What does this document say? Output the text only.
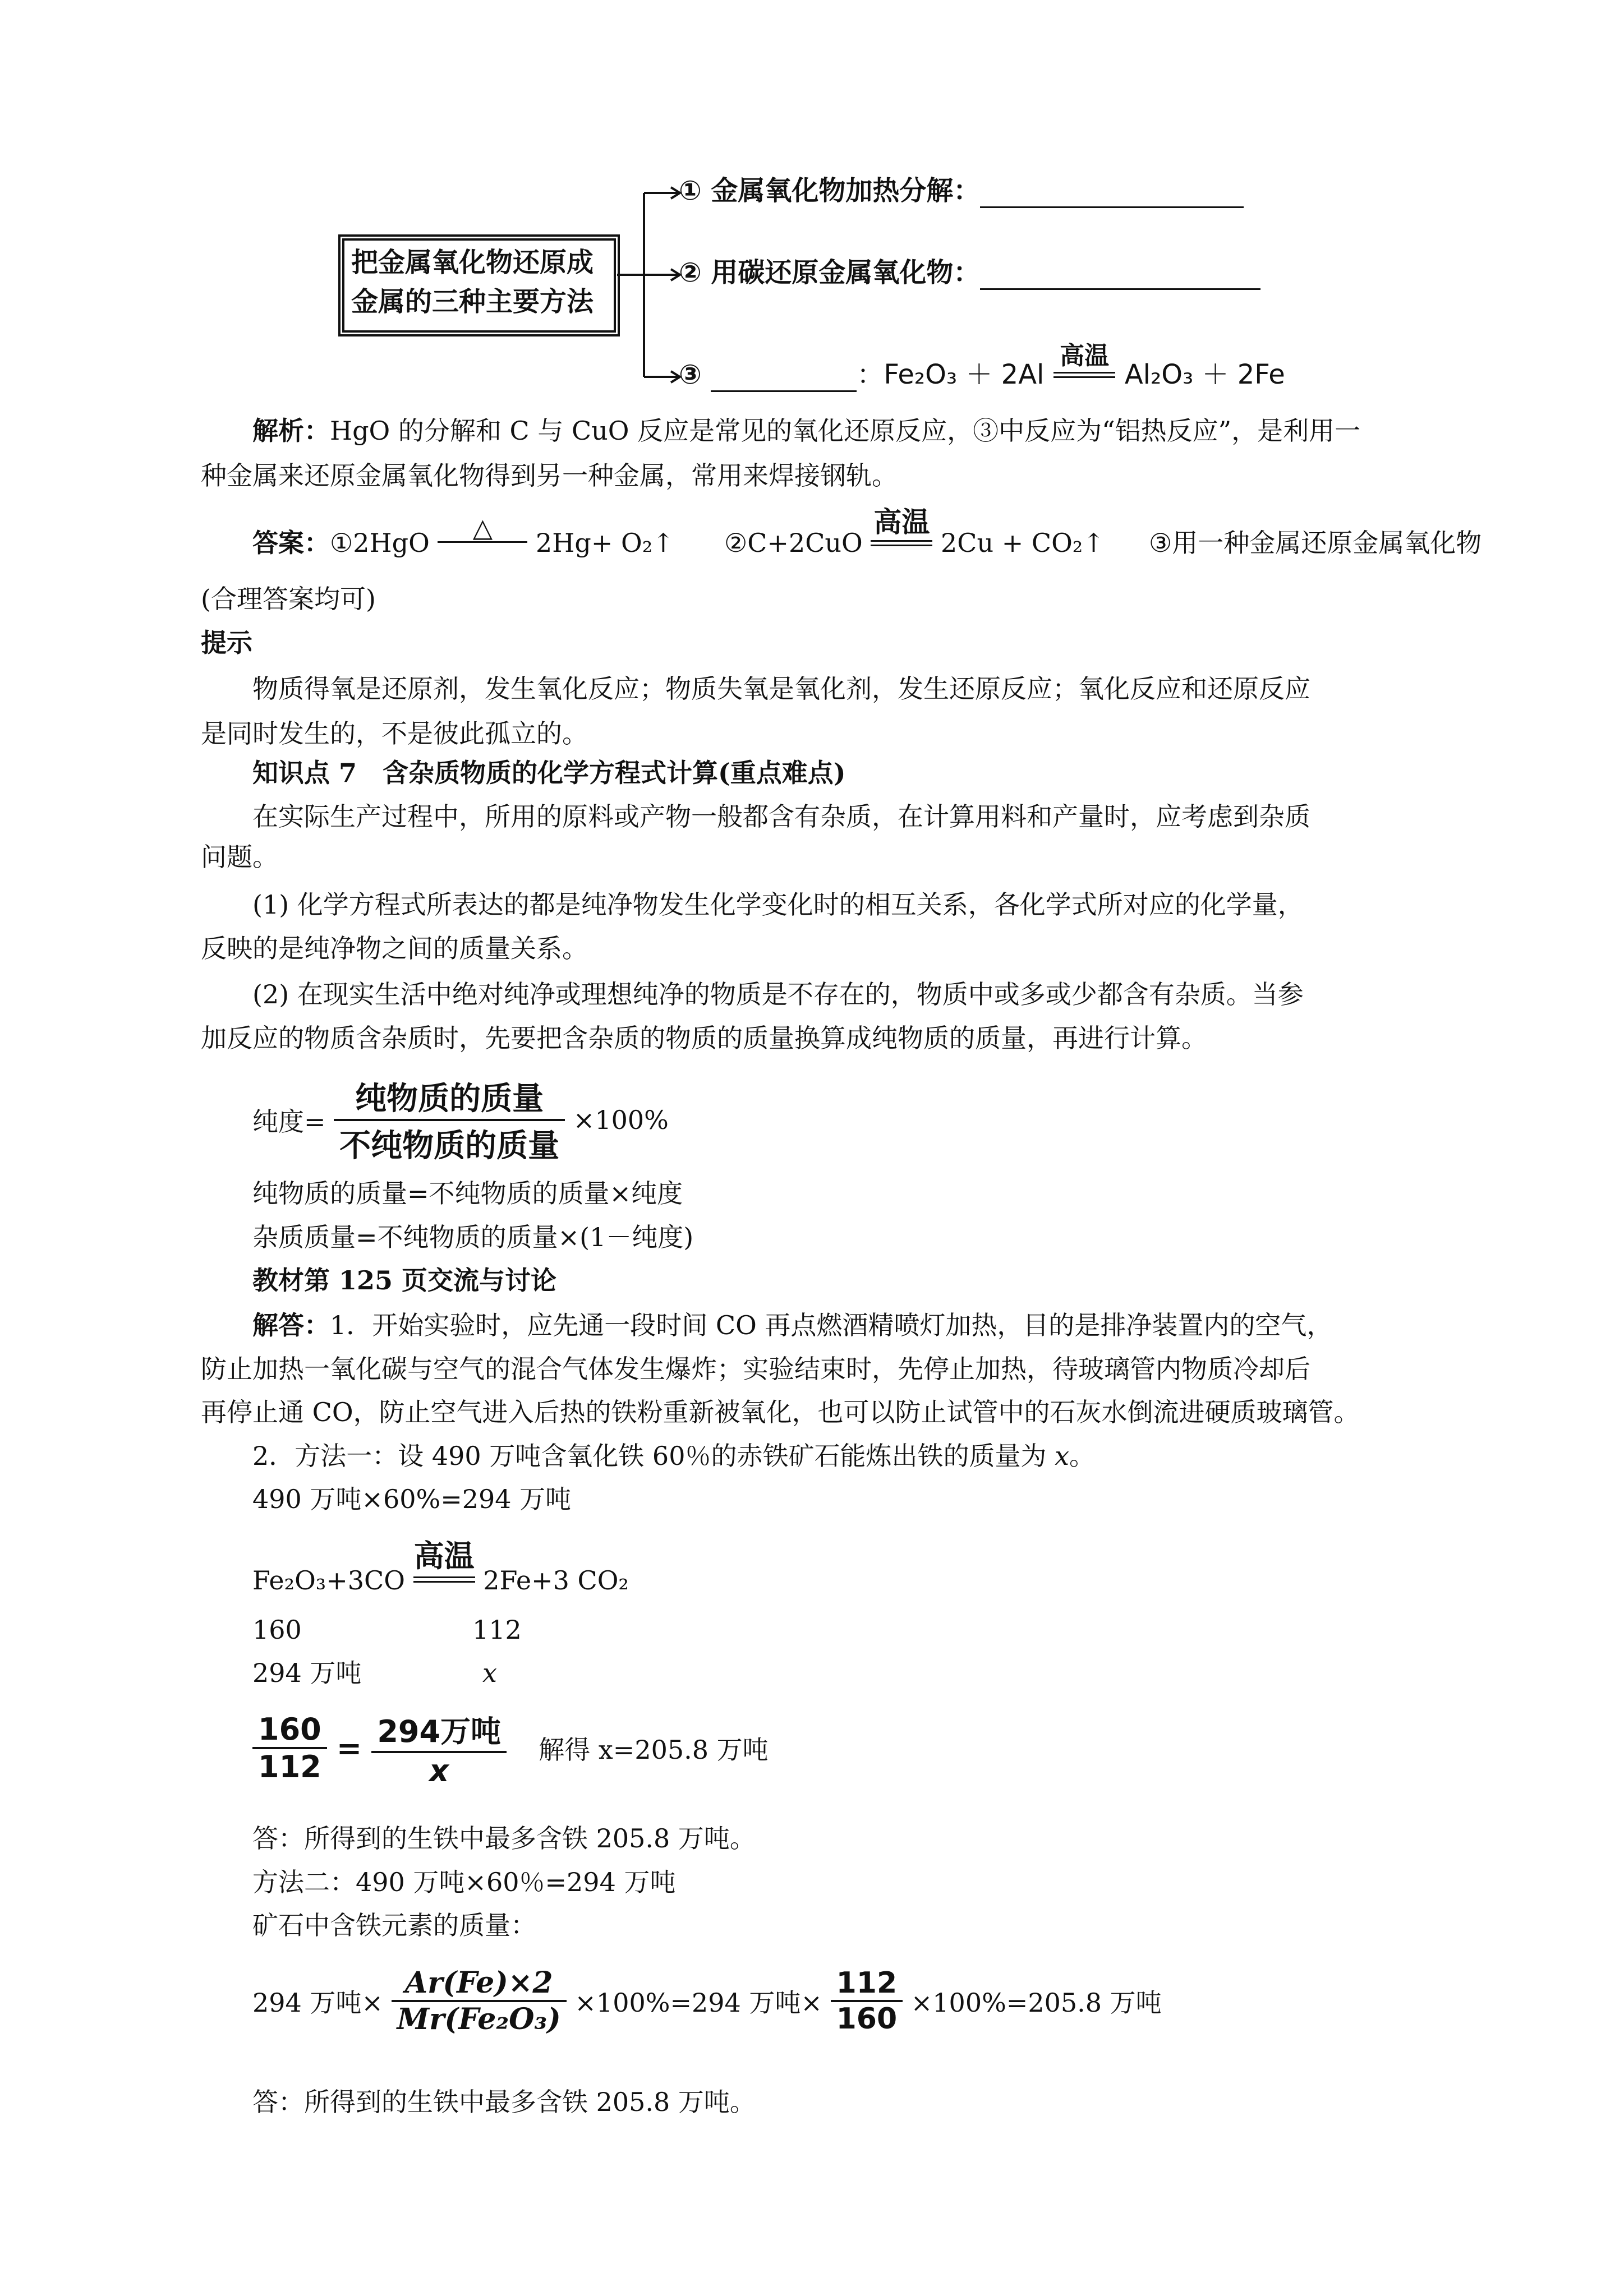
把金属氧化物还原成
金属的三种主要方法
① 金属氧化物加热分解：
② 用碳还原金属氧化物：
③	：Fe₂O₃ ＋ 2Al
高温
Al₂O₃ ＋ 2Fe
解析：HgO 的分解和 C 与 CuO 反应是常见的氧化还原反应，③中反应为“铝热反应”，是利用一
种金属来还原金属氧化物得到另一种金属，常用来焊接钢轨。
答案：①2HgO	△	2Hg+ O₂↑ ②C+2CuO
高温
2Cu + CO₂↑ ③用一种金属还原金属氧化物
(合理答案均可)
提示
物质得氧是还原剂，发生氧化反应；物质失氧是氧化剂，发生还原反应；氧化反应和还原反应
是同时发生的，不是彼此孤立的。
知识点 7　含杂质物质的化学方程式计算(重点难点)
在实际生产过程中，所用的原料或产物一般都含有杂质，在计算用料和产量时，应考虑到杂质
问题。
(1) 化学方程式所表达的都是纯净物发生化学变化时的相互关系，各化学式所对应的化学量，
反映的是纯净物之间的质量关系。
(2) 在现实生活中绝对纯净或理想纯净的物质是不存在的，物质中或多或少都含有杂质。当参
加反应的物质含杂质时，先要把含杂质的物质的质量换算成纯物质的质量，再进行计算。
纯度= $\frac{\text{纯物质的质量}}{\text{不纯物质的质量}} \times 100\%$
纯物质的质量=不纯物质的质量×纯度
杂质质量=不纯物质的质量×(1－纯度)
教材第 125 页交流与讨论
解答：1．开始实验时，应先通一段时间 CO 再点燃酒精喷灯加热，目的是排净装置内的空气，
防止加热一氧化碳与空气的混合气体发生爆炸；实验结束时，先停止加热，待玻璃管内物质冷却后
再停止通 CO，防止空气进入后热的铁粉重新被氧化，也可以防止试管中的石灰水倒流进硬质玻璃管。
2．方法一：设 490 万吨含氧化铁 60％的赤铁矿石能炼出铁的质量为 x。
490 万吨×60%=294 万吨
Fe₂O₃+3CO
高温
2Fe+3 CO₂
160	112
294 万吨	x
$\frac{160}{112} = \frac{\text{294万吨}}{x}$ 解得 x=205.8 万吨
答：所得到的生铁中最多含铁 205.8 万吨。
方法二：490 万吨×60％=294 万吨
矿石中含铁元素的质量：
294 万吨× $\frac{Ar(Fe)\times 2}{\text{Mr(Fe₂O₃)}} \times 100\%=294$ 万吨× $\frac{112}{160} \times 100\%=205.8$ 万吨
答：所得到的生铁中最多含铁 205.8 万吨。
